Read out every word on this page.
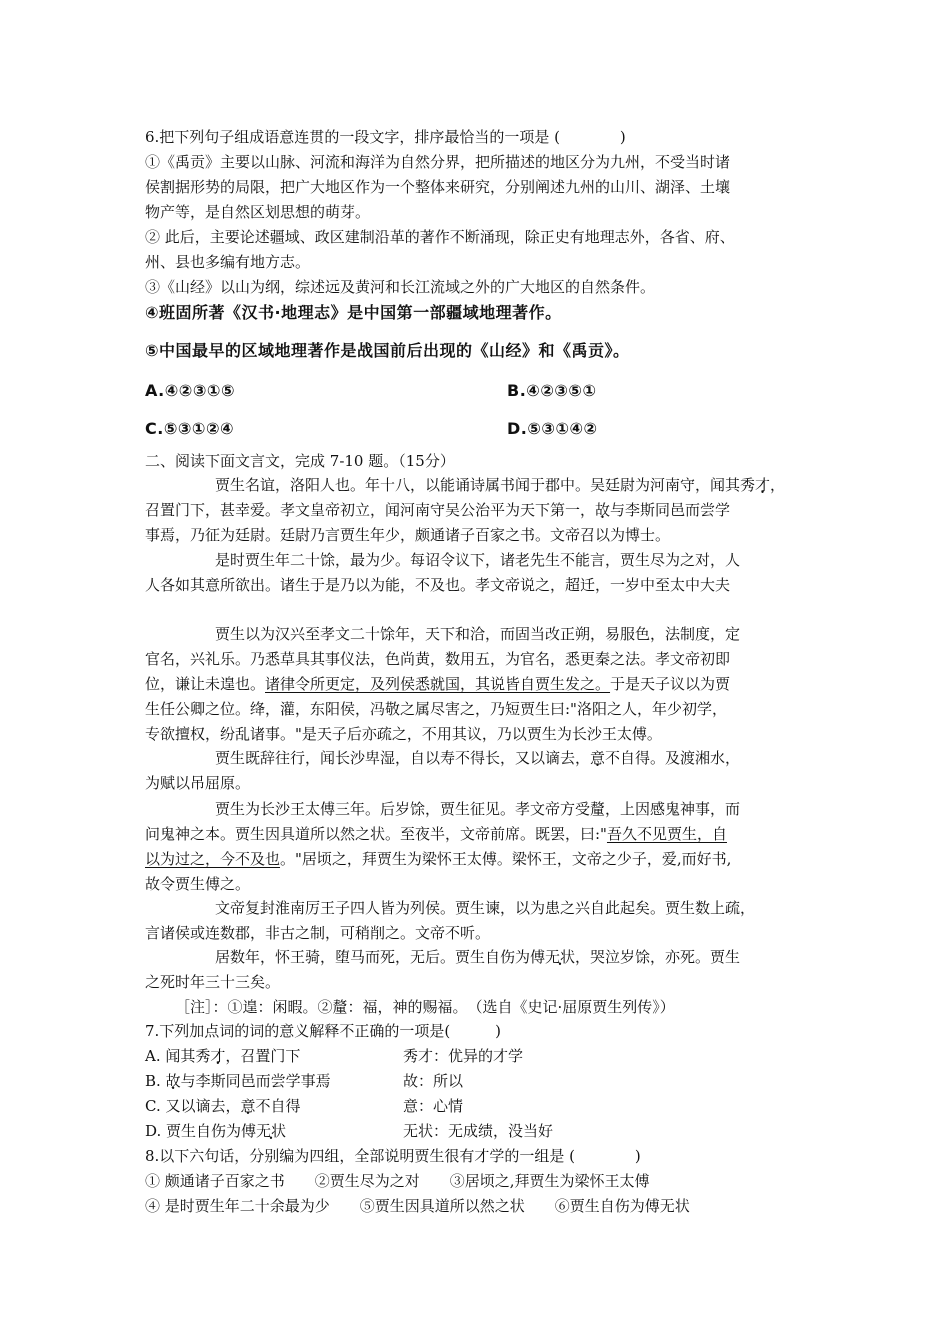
6.把下列句子组成语意连贯的一段文字，排序最恰当的一项是 (　　　　)
①《禹贡》主要以山脉、河流和海洋为自然分界，把所描述的地区分为九州，不受当时诸
侯割据形势的局限，把广大地区作为一个整体来研究，分别阐述九州的山川、湖泽、土壤
物产等，是自然区划思想的萌芽。
② 此后，主要论述疆域、政区建制沿革的著作不断涌现，除正史有地理志外，各省、府、
州、县也多编有地方志。
③《山经》以山为纲，综述远及黄河和长江流域之外的广大地区的自然条件。
④班固所著《汉书·地理志》是中国第一部疆域地理著作。
⑤中国最早的区域地理著作是战国前后出现的《山经》和《禹贡》。
A.④②③①⑤	B.④②③⑤①
C.⑤③①②④	D.⑤③①④②
二、阅读下面文言文，完成 7-10 题。（15分）
贾生名谊，洛阳人也。年十八，以能诵诗属书闻于郡中。吴廷尉为河南守，闻其秀才，
召置门下，甚幸爱。孝文皇帝初立，闻河南守吴公治平为天下第一，故与李斯同邑而尝学
事焉，乃征为廷尉。廷尉乃言贾生年少，颇通诸子百家之书。文帝召以为博士。
是时贾生年二十馀，最为少。每诏令议下，诸老先生不能言，贾生尽为之对，人
人各如其意所欲出。诸生于是乃以为能，不及也。孝文帝说之，超迁，一岁中至太中大夫
贾生以为汉兴至孝文二十馀年，天下和洽，而固当改正朔，易服色，法制度，定
官名，兴礼乐。乃悉草具其事仪法，色尚黄，数用五，为官名，悉更秦之法。孝文帝初即
位，谦让未遑也。诸律令所更定，及列侯悉就国，其说皆自贾生发之。于是天子议以为贾
生任公卿之位。绛，灌，东阳侯，冯敬之属尽害之，乃短贾生曰:"洛阳之人，年少初学，
专欲擅权，纷乱诸事。"是天子后亦疏之，不用其议，乃以贾生为长沙王太傅。
贾生既辞往行，闻长沙卑湿，自以寿不得长，又以谪去，意不自得。及渡湘水，
为赋以吊屈原。
贾生为长沙王太傅三年。后岁馀，贾生征见。孝文帝方受釐，上因感鬼神事，而
问鬼神之本。贾生因具道所以然之状。至夜半，文帝前席。既罢，曰:"吾久不见贾生，自
以为过之，今不及也。"居顷之，拜贾生为梁怀王太傅。梁怀王，文帝之少子，爱,而好书,
故令贾生傅之。
文帝复封淮南厉王子四人皆为列侯。贾生谏，以为患之兴自此起矣。贾生数上疏，
言诸侯或连数郡，非古之制，可稍削之。文帝不听。
居数年，怀王骑，堕马而死，无后。贾生自伤为傅无状，哭泣岁馀，亦死。贾生
之死时年三十三矣。
［注］：①遑：闲暇。②釐：福，神的赐福。　（选自《史记·屈原贾生列传》）
7.下列加点词的词的意义解释不正确的一项是(　　　)
A. 闻其秀才，召置门下	秀才：优异的才学
B. 故与李斯同邑而尝学事焉	故：所以
C. 又以谪去，意不自得	意：心情
D. 贾生自伤为傅无状	无状：无成绩，没当好
8.以下六句话，分别编为四组，全部说明贾生很有才学的一组是 (　　　　)
① 颇通诸子百家之书　　②贾生尽为之对　　③居顷之,拜贾生为梁怀王太傅
④ 是时贾生年二十余最为少　　⑤贾生因具道所以然之状　　⑥贾生自伤为傅无状
